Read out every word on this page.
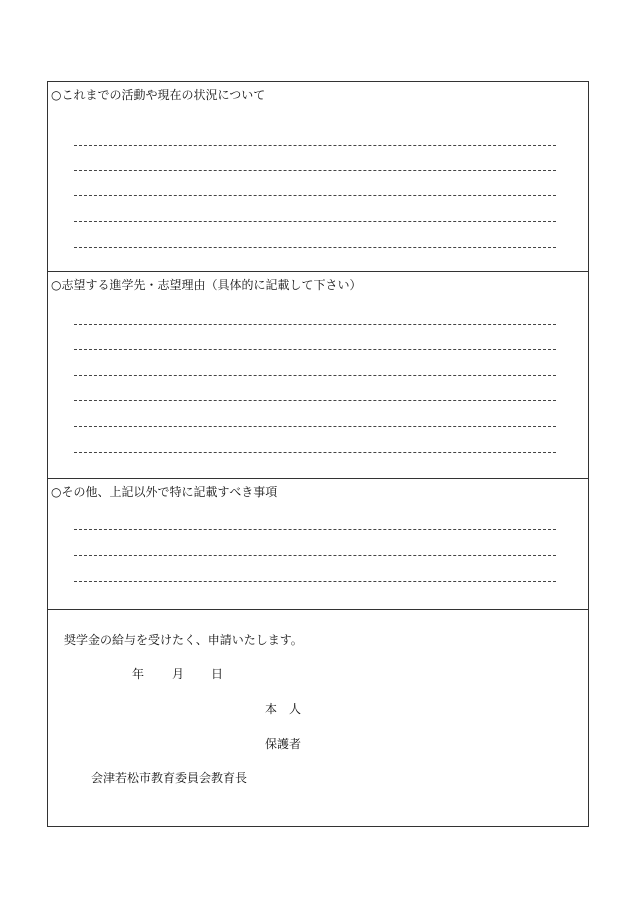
○これまでの活動や現在の状況について
○志望する進学先・志望理由（具体的に記載して下さい）
○その他、上記以外で特に記載すべき事項
奨学金の給与を受けたく、申請いたします。
年 月 日
本　人
保護者
会津若松市教育委員会教育長
